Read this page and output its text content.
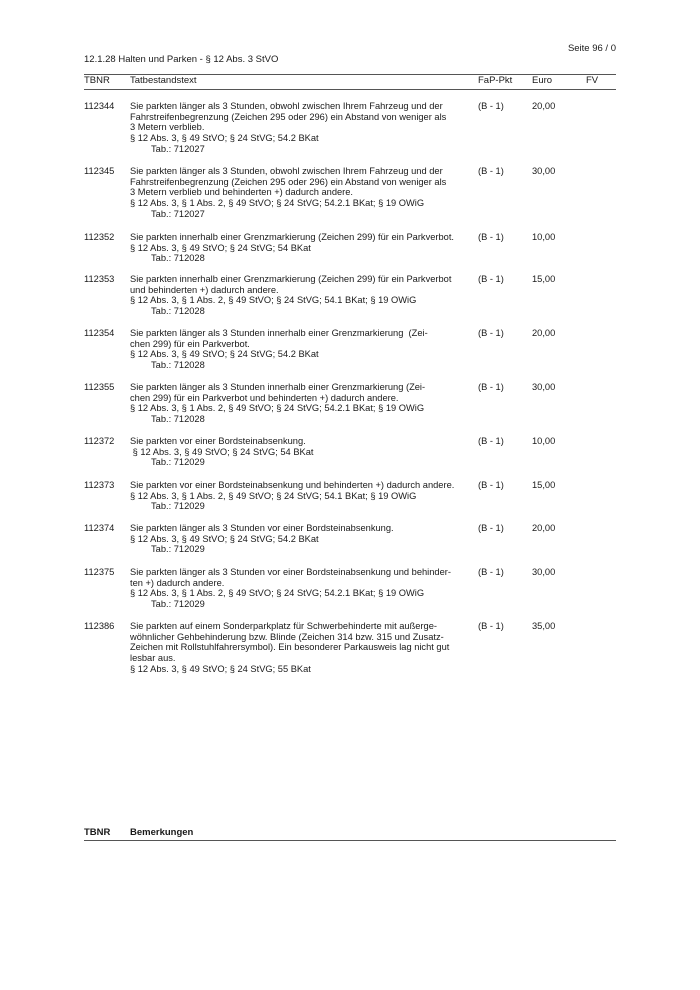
Seite 96 / 0
12.1.28 Halten und Parken - § 12 Abs. 3 StVO
TBNR Tatbestandstext	FaP-Pkt Euro	FV
112344 Sie parkten länger als 3 Stunden, obwohl zwischen Ihrem Fahrzeug und der
Fahrstreifenbegrenzung (Zeichen 295 oder 296) ein Abstand von weniger als
3 Metern verblieb.
§ 12 Abs. 3, § 49 StVO; § 24 StVG; 54.2 BKat
Tab.: 712027
(B - 1)	20,00
112345 Sie parkten länger als 3 Stunden, obwohl zwischen Ihrem Fahrzeug und der
Fahrstreifenbegrenzung (Zeichen 295 oder 296) ein Abstand von weniger als
3 Metern verblieb und behinderten +) dadurch andere.
§ 12 Abs. 3, § 1 Abs. 2, § 49 StVO; § 24 StVG; 54.2.1 BKat; § 19 OWiG
Tab.: 712027
(B - 1)	30,00
112352 Sie parkten innerhalb einer Grenzmarkierung (Zeichen 299) für ein Parkverbot.
§ 12 Abs. 3, § 49 StVO; § 24 StVG; 54 BKat
Tab.: 712028
(B - 1)	10,00
112353 Sie parkten innerhalb einer Grenzmarkierung (Zeichen 299) für ein Parkverbot
und behinderten +) dadurch andere.
§ 12 Abs. 3, § 1 Abs. 2, § 49 StVO; § 24 StVG; 54.1 BKat; § 19 OWiG
Tab.: 712028
(B - 1)	15,00
112354 Sie parkten länger als 3 Stunden innerhalb einer Grenzmarkierung  (Zei-
chen 299) für ein Parkverbot.
§ 12 Abs. 3, § 49 StVO; § 24 StVG; 54.2 BKat
Tab.: 712028
(B - 1)	20,00
112355 Sie parkten länger als 3 Stunden innerhalb einer Grenzmarkierung (Zei-
chen 299) für ein Parkverbot und behinderten +) dadurch andere.
§ 12 Abs. 3, § 1 Abs. 2, § 49 StVO; § 24 StVG; 54.2.1 BKat; § 19 OWiG
Tab.: 712028
(B - 1)	30,00
112372 Sie parkten vor einer Bordsteinabsenkung.
§ 12 Abs. 3, § 49 StVO; § 24 StVG; 54 BKat
Tab.: 712029
(B - 1)	10,00
112373 Sie parkten vor einer Bordsteinabsenkung und behinderten +) dadurch andere.
§ 12 Abs. 3, § 1 Abs. 2, § 49 StVO; § 24 StVG; 54.1 BKat; § 19 OWiG
Tab.: 712029
(B - 1)	15,00
112374 Sie parkten länger als 3 Stunden vor einer Bordsteinabsenkung.
§ 12 Abs. 3, § 49 StVO; § 24 StVG; 54.2 BKat
Tab.: 712029
(B - 1)	20,00
112375 Sie parkten länger als 3 Stunden vor einer Bordsteinabsenkung und behinder-
ten +) dadurch andere.
§ 12 Abs. 3, § 1 Abs. 2, § 49 StVO; § 24 StVG; 54.2.1 BKat; § 19 OWiG
Tab.: 712029
(B - 1)	30,00
112386 Sie parkten auf einem Sonderparkplatz für Schwerbehinderte mit außerge-
wöhnlicher Gehbehinderung bzw. Blinde (Zeichen 314 bzw. 315 und Zusatz-
Zeichen mit Rollstuhlfahrersymbol). Ein besonderer Parkausweis lag nicht gut
lesbar aus.
§ 12 Abs. 3, § 49 StVO; § 24 StVG; 55 BKat
(B - 1)	35,00
TBNR Bemerkungen
